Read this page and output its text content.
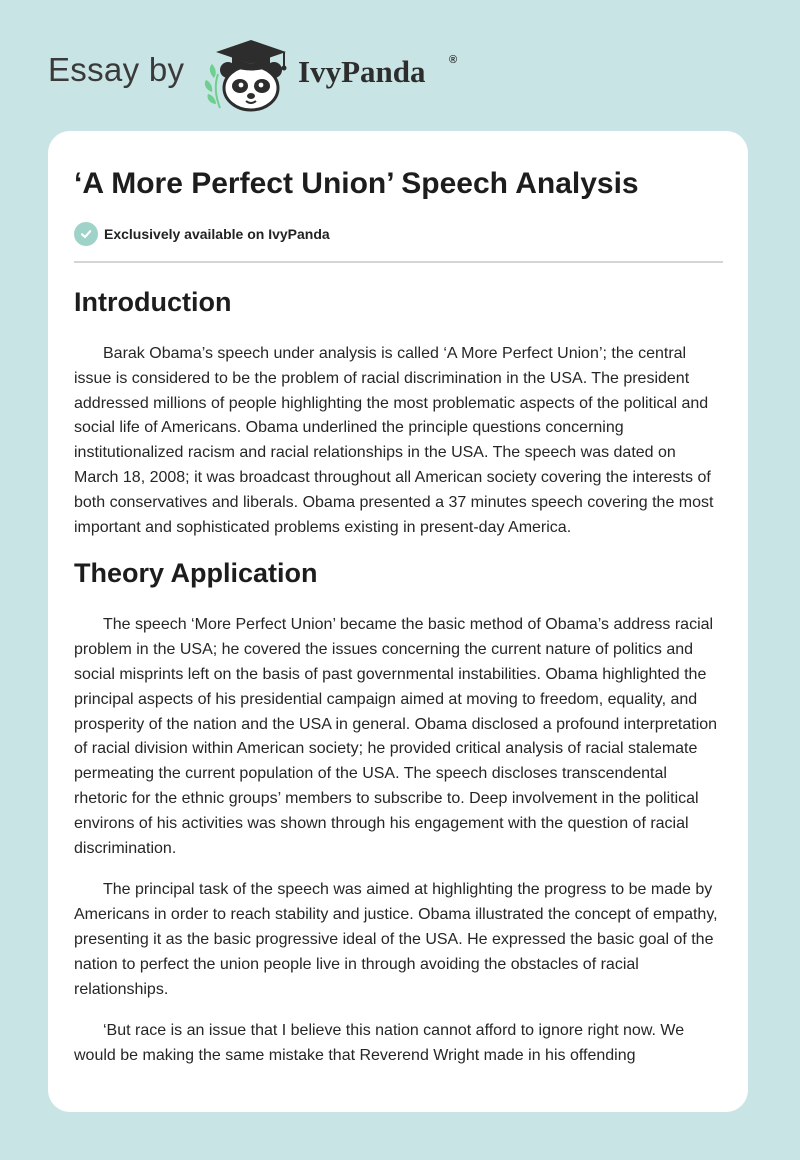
Essay by	IvyPanda ®
‘A More Perfect Union’ Speech Analysis
Exclusively available on IvyPanda
Introduction

Barak Obama’s speech under analysis is called ‘A More Perfect Union’; the central issue is considered to be the problem of racial discrimination in the USA. The president addressed millions of people highlighting the most problematic aspects of the political and social life of Americans. Obama underlined the principle questions concerning institutionalized racism and racial relationships in the USA. The speech was dated on March 18, 2008; it was broadcast throughout all American society covering the interests of both conservatives and liberals. Obama presented a 37 minutes speech covering the most important and sophisticated problems existing in present-day America.

Theory Application

The speech ‘More Perfect Union’ became the basic method of Obama’s address racial problem in the USA; he covered the issues concerning the current nature of politics and social misprints left on the basis of past governmental instabilities. Obama highlighted the principal aspects of his presidential campaign aimed at moving to freedom, equality, and prosperity of the nation and the USA in general. Obama disclosed a profound interpretation of racial division within American society; he provided critical analysis of racial stalemate permeating the current population of the USA. The speech discloses transcendental rhetoric for the ethnic groups’ members to subscribe to. Deep involvement in the political environs of his activities was shown through his engagement with the question of racial discrimination.

The principal task of the speech was aimed at highlighting the progress to be made by Americans in order to reach stability and justice. Obama illustrated the concept of empathy, presenting it as the basic progressive ideal of the USA. He expressed the basic goal of the nation to perfect the union people live in through avoiding the obstacles of racial relationships.

‘But race is an issue that I believe this nation cannot afford to ignore right now. We would be making the same mistake that Reverend Wright made in his offending
